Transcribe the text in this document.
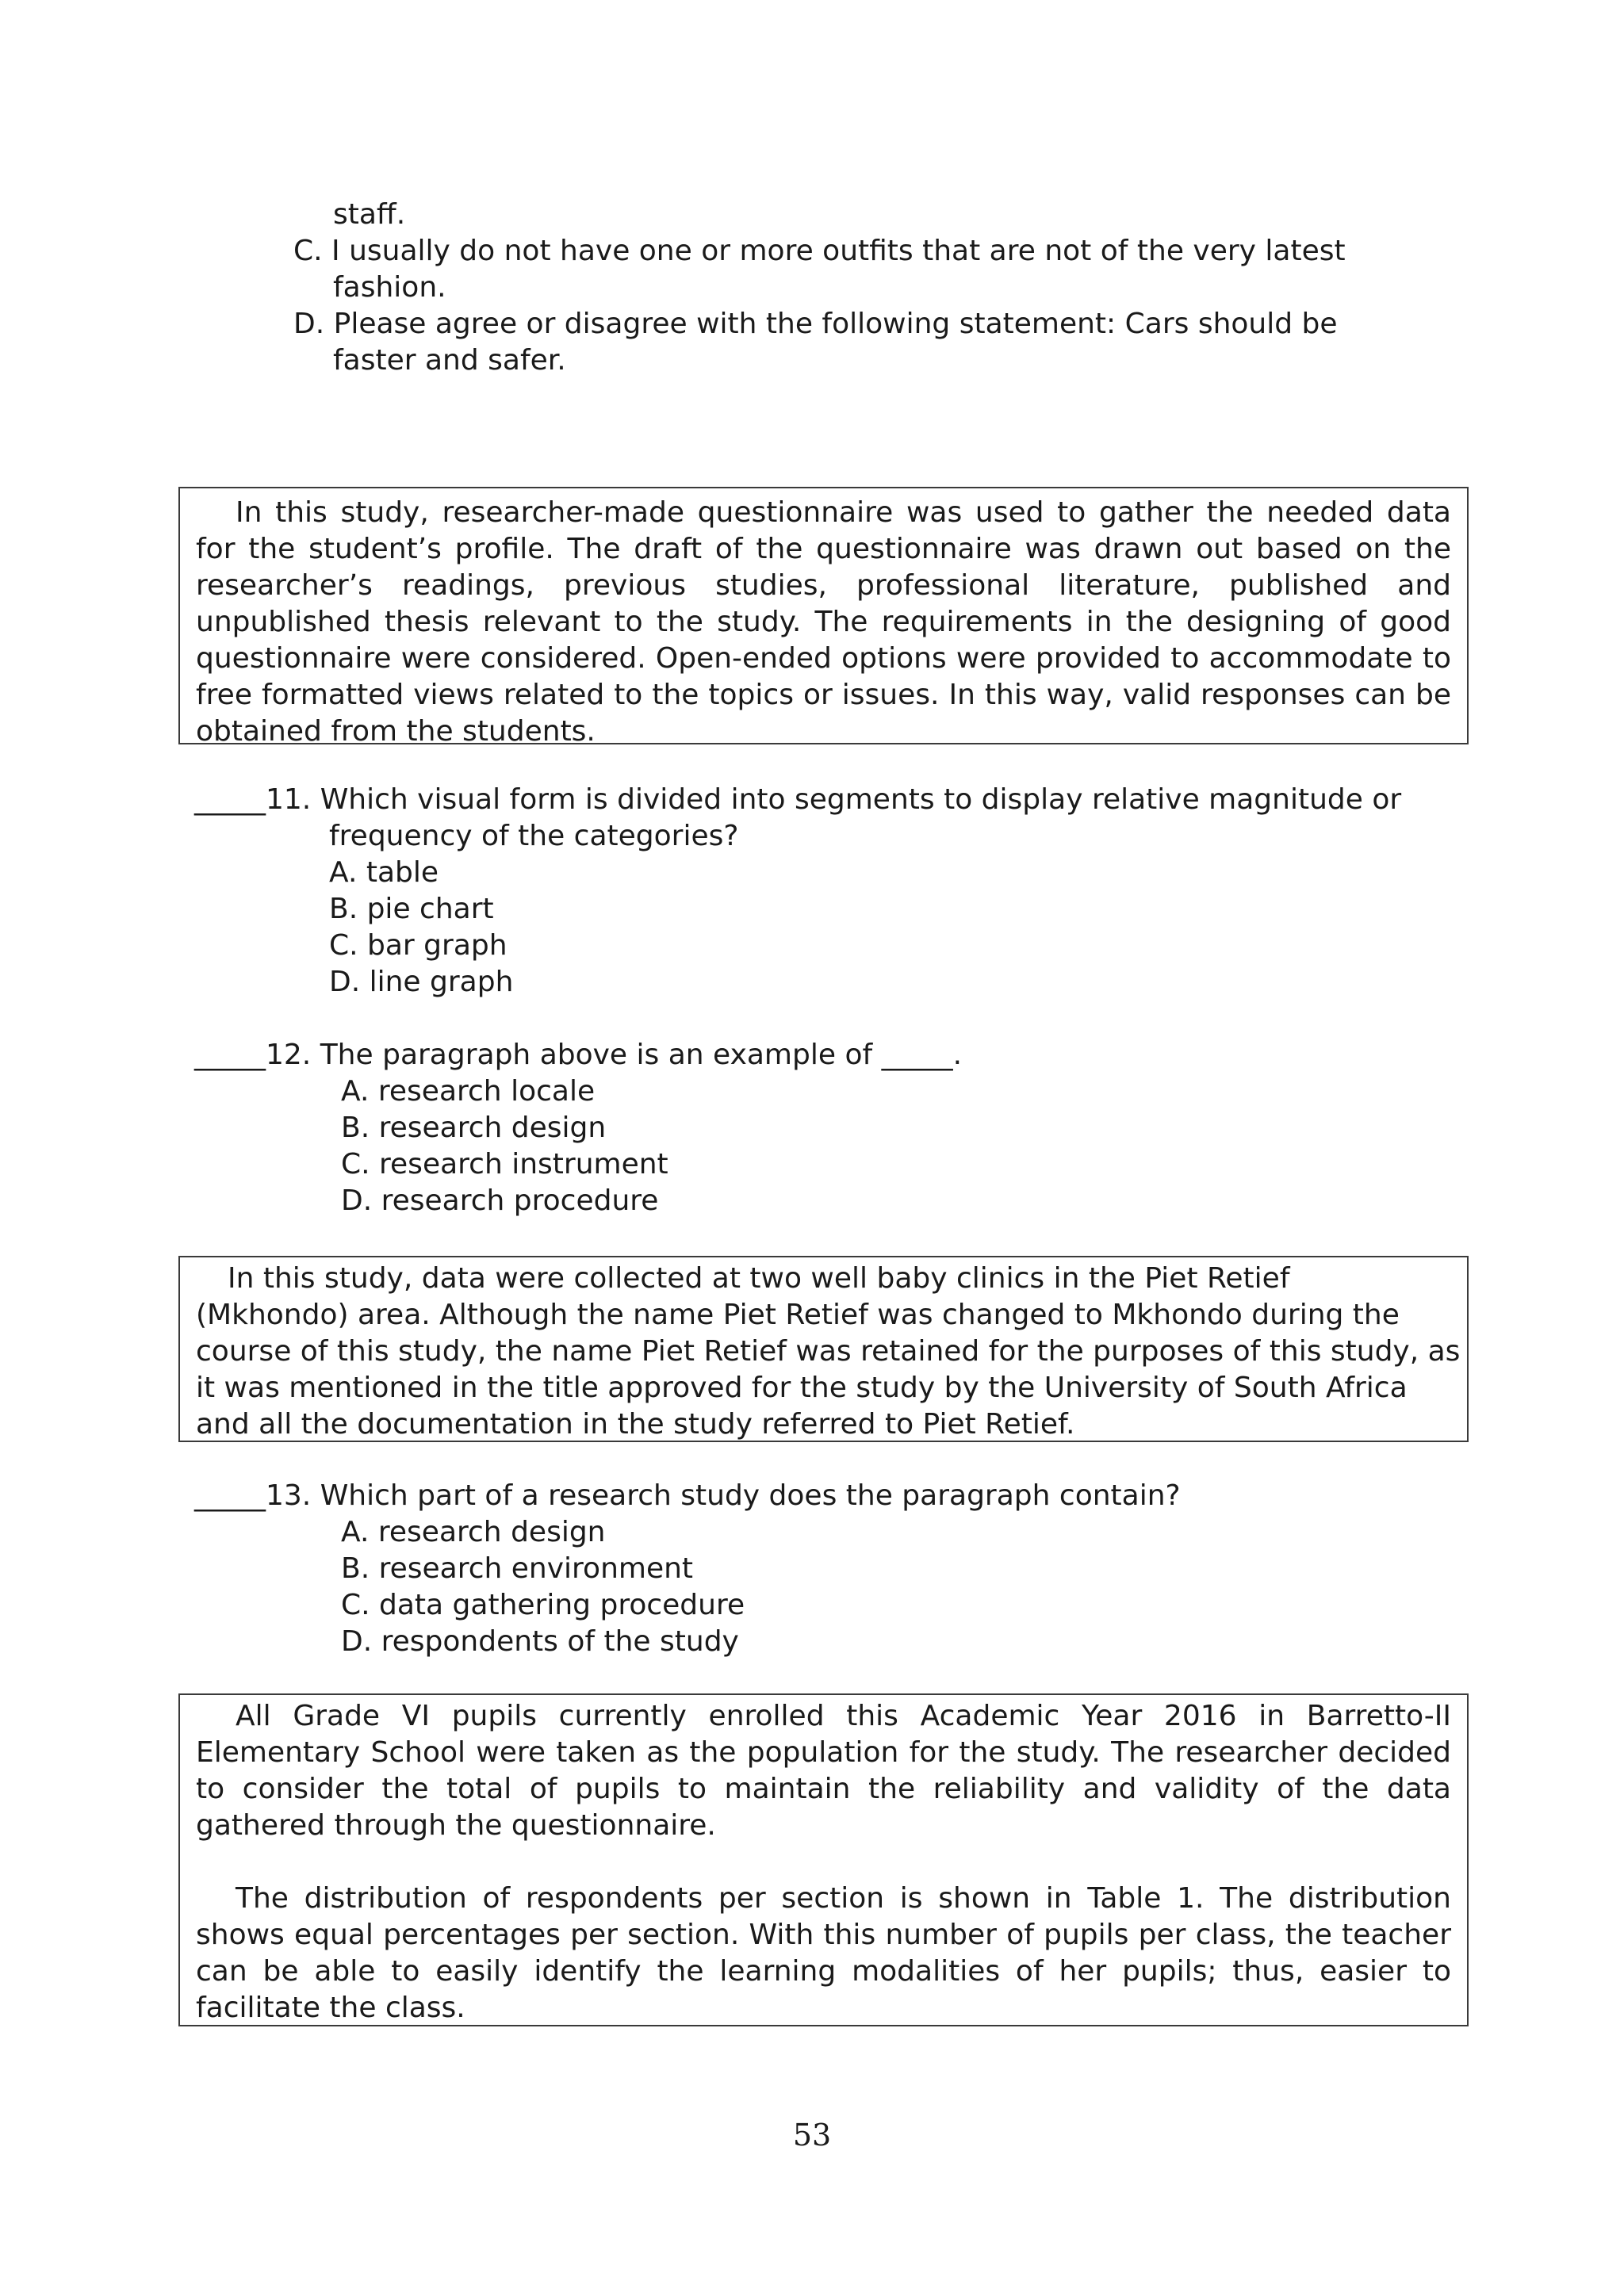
staff.

C. I usually do not have one or more outfits that are not of the very latest

fashion.

D. Please agree or disagree with the following statement: Cars should be

faster and safer.

In this study, researcher-made questionnaire was used to gather the needed data for the student’s profile. The draft of the questionnaire was drawn out based on the researcher’s readings, previous studies, professional literature, published and unpublished thesis relevant to the study. The requirements in the designing of good questionnaire were considered. Open-ended options were provided to accommodate to free formatted views related to the topics or issues. In this way, valid responses can be obtained from the students.

_____11. Which visual form is divided into segments to display relative magnitude or

frequency of the categories?

A. table

B. pie chart

C. bar graph

D. line graph

_____12. The paragraph above is an example of _____.

A. research locale

B. research design

C. research instrument

D. research procedure

In this study, data were collected at two well baby clinics in the Piet Retief

(Mkhondo) area. Although the name Piet Retief was changed to Mkhondo during the

course of this study, the name Piet Retief was retained for the purposes of this study, as

it was mentioned in the title approved for the study by the University of South Africa

and all the documentation in the study referred to Piet Retief.

_____13. Which part of a research study does the paragraph contain?

A. research design

B. research environment

C. data gathering procedure

D. respondents of the study

All Grade VI pupils currently enrolled this Academic Year 2016 in Barretto-II Elementary School were taken as the population for the study. The researcher decided to consider the total of pupils to maintain the reliability and validity of the data gathered through the questionnaire.

The distribution of respondents per section is shown in Table 1. The distribution shows equal percentages per section. With this number of pupils per class, the teacher can be able to easily identify the learning modalities of her pupils; thus, easier to facilitate the class.

53
